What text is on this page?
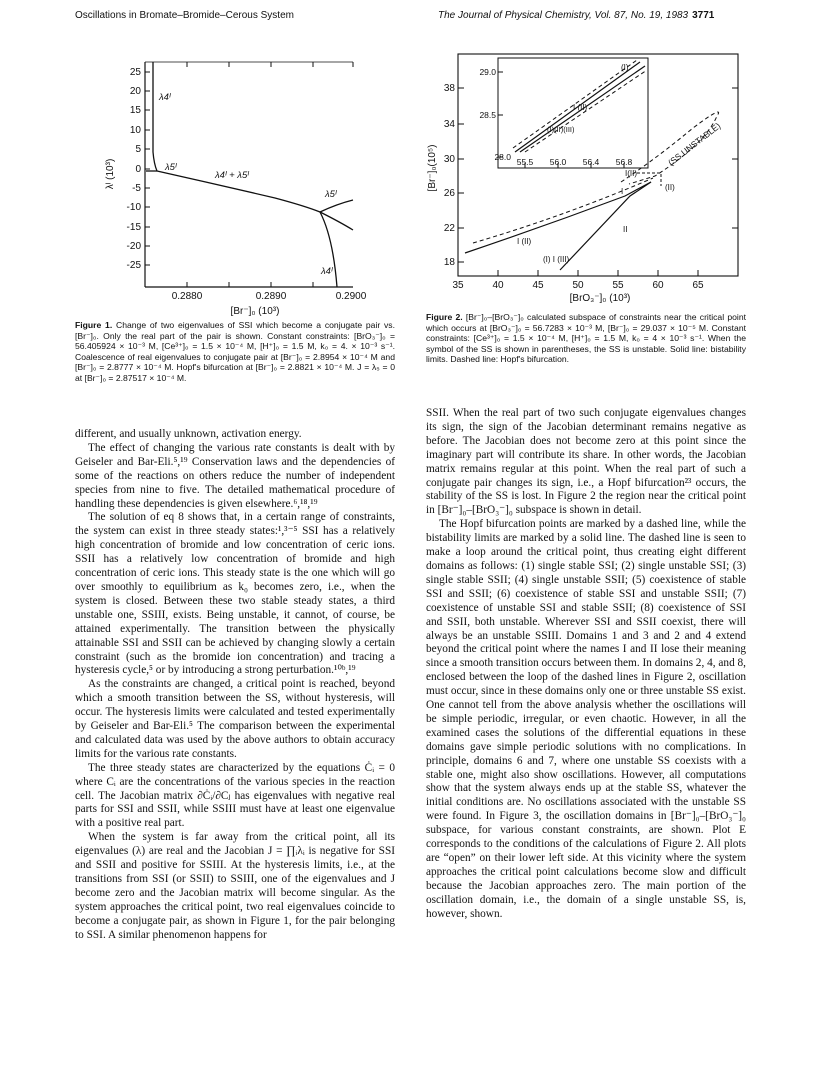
Oscillations in Bromate–Bromide–Cerous System	The Journal of Physical Chemistry, Vol. 87, No. 19, 1983 3771
25
20
15
10
5
0
-5
-10
-15
-20
-25
0.2880	0.2890	0.2900
[Br⁻]₀ (10³)
λᴵ (10³)
λ4ᴵ
λ5ᴵ
λ4ᴵ + λ5ᴵ
λ5ᴵ
λ4ᴵ
Figure 1. Change of two eigenvalues of SSI which become a conjugate pair vs. [Br⁻]₀. Only the real part of the pair is shown. Constant constraints: [BrO₃⁻]₀ = 56.405924 × 10⁻³ M, [Ce³⁺]₀ = 1.5 × 10⁻⁴ M, [H⁺]₀ = 1.5 M, k₀ = 4. × 10⁻³ s⁻¹. Coalescence of real eigenvalues to conjugate pair at [Br⁻]₀ = 2.8954 × 10⁻⁴ M and [Br⁻]₀ = 2.8777 × 10⁻⁴ M. Hopf's bifurcation at [Br⁻]₀ = 2.8821 × 10⁻⁴ M. J = λ₅ = 0 at [Br⁻]₀ = 2.87517 × 10⁻⁴ M.
38
34
30
26
22
18
35	40	45	50	55	60	65
[BrO₃⁻]₀ (10³)
[Br⁻]₀(10⁵)
29.0
28.5
28.0 55.5 56.0 56.4 56.8
(I)
I (II)
(I)(II)(III)	(SS UNSTABLE)
(II)
I(II)
I
II
I (II)
(I) I (III)
Figure 2. [Br⁻]₀–[BrO₃⁻]₀ calculated subspace of constraints near the critical point which occurs at [BrO₃⁻]₀ = 56.7283 × 10⁻³ M, [Br⁻]₀ = 29.037 × 10⁻⁵ M. Constant constraints: [Ce³⁺]₀ = 1.5 × 10⁻⁴ M, [H⁺]₀ = 1.5 M, k₀ = 4 × 10⁻³ s⁻¹. When the symbol of the SS is shown in parentheses, the SS is unstable. Solid line: bistability limits. Dashed line: Hopf's bifurcation.

different, and usually unknown, activation energy.

The effect of changing the various rate constants is dealt with by Geiseler and Bar-Eli.⁵,¹⁹ Conservation laws and the dependencies of some of the reactions on others reduce the number of independent species from nine to five. The detailed mathematical procedure of handling these dependencies is given elsewhere.⁶,¹⁸,¹⁹

The solution of eq 8 shows that, in a certain range of constraints, the system can exist in three steady states:¹,³⁻⁵ SSI has a relatively high concentration of bromide and low concentration of ceric ions. SSII has a relatively low concentration of bromide and high concentration of ceric ions. This steady state is the one which will go over smoothly to equilibrium as k₀ becomes zero, i.e., when the system is closed. Between these two stable steady states, a third unstable one, SSIII, exists. Being unstable, it cannot, of course, be attained experimentally. The transition between the physically attainable SSI and SSII can be achieved by changing slowly a certain constraint (such as the bromide ion concentration) and tracing a hysteresis cycle,⁵ or by introducing a strong perturbation.¹⁰ᵇ,¹⁹

As the constraints are changed, a critical point is reached, beyond which a smooth transition between the SS, without hysteresis, will occur. The hysteresis limits were calculated and tested experimentally by Geiseler and Bar-Eli.⁵ The comparison between the experimental and calculated data was used by the above authors to obtain accuracy limits for the various rate constants.

The three steady states are characterized by the equations Ċᵢ = 0 where Cᵢ are the concentrations of the various species in the reaction cell. The Jacobian matrix ∂Ċᵢ/∂Cⱼ has eigenvalues with negative real parts for SSI and SSII, while SSIII must have at least one eigenvalue with a positive real part.

When the system is far away from the critical point, all its eigenvalues (λ) are real and the Jacobian J = ∏ᵢλᵢ is negative for SSI and SSII and positive for SSIII. At the hysteresis limits, i.e., at the transitions from SSI (or SSII) to SSIII, one of the eigenvalues and J become zero and the Jacobian matrix will become singular. As the system approaches the critical point, two real eigenvalues coincide to become a conjugate pair, as shown in Figure 1, for the pair belonging to SSI. A similar phenomenon happens for

SSII. When the real part of two such conjugate eigenvalues changes its sign, the sign of the Jacobian determinant remains negative as before. The Jacobian does not become zero at this point since the imaginary part will contribute its share. In other words, the Jacobian matrix remains regular at this point. When the real part of such a conjugate pair changes its sign, i.e., a Hopf bifurcation²³ occurs, the stability of the SS is lost. In Figure 2 the region near the critical point in [Br⁻]₀–[BrO₃⁻]₀ subspace is shown in detail.

The Hopf bifurcation points are marked by a dashed line, while the bistability limits are marked by a solid line. The dashed line is seen to make a loop around the critical point, thus creating eight different domains as follows: (1) single stable SSI; (2) single unstable SSI; (3) single stable SSII; (4) single unstable SSII; (5) coexistence of stable SSI and SSII; (6) coexistence of stable SSI and unstable SSII; (7) coexistence of unstable SSI and stable SSII; (8) coexistence of SSI and SSII, both unstable. Wherever SSI and SSII coexist, there will always be an unstable SSIII. Domains 1 and 3 and 2 and 4 extend beyond the critical point where the names I and II lose their meaning since a smooth transition occurs between them. In domains 2, 4, and 8, enclosed between the loop of the dashed lines in Figure 2, oscillation must occur, since in these domains only one or three unstable SS exist. One cannot tell from the above analysis whether the oscillations will be simple periodic, irregular, or even chaotic. However, in all the examined cases the solutions of the differential equations in these domains gave simple periodic solutions with no complications. In principle, domains 6 and 7, where one unstable SS coexists with a stable one, might also show oscillations. However, all computations show that the system always ends up at the stable SS, whatever the initial conditions are. No oscillations associated with the unstable SS were found. In Figure 3, the oscillation domains in [Br⁻]₀–[BrO₃⁻]₀ subspace, for various constant constraints, are shown. Plot E corresponds to the conditions of the calculations of Figure 2. All plots are “open” on their lower left side. At this vicinity where the system approaches the critical point calculations become slow and difficult because the Jacobian approaches zero. The main portion of the oscillation domain, i.e., the domain of a single unstable SS, is, however, shown.
